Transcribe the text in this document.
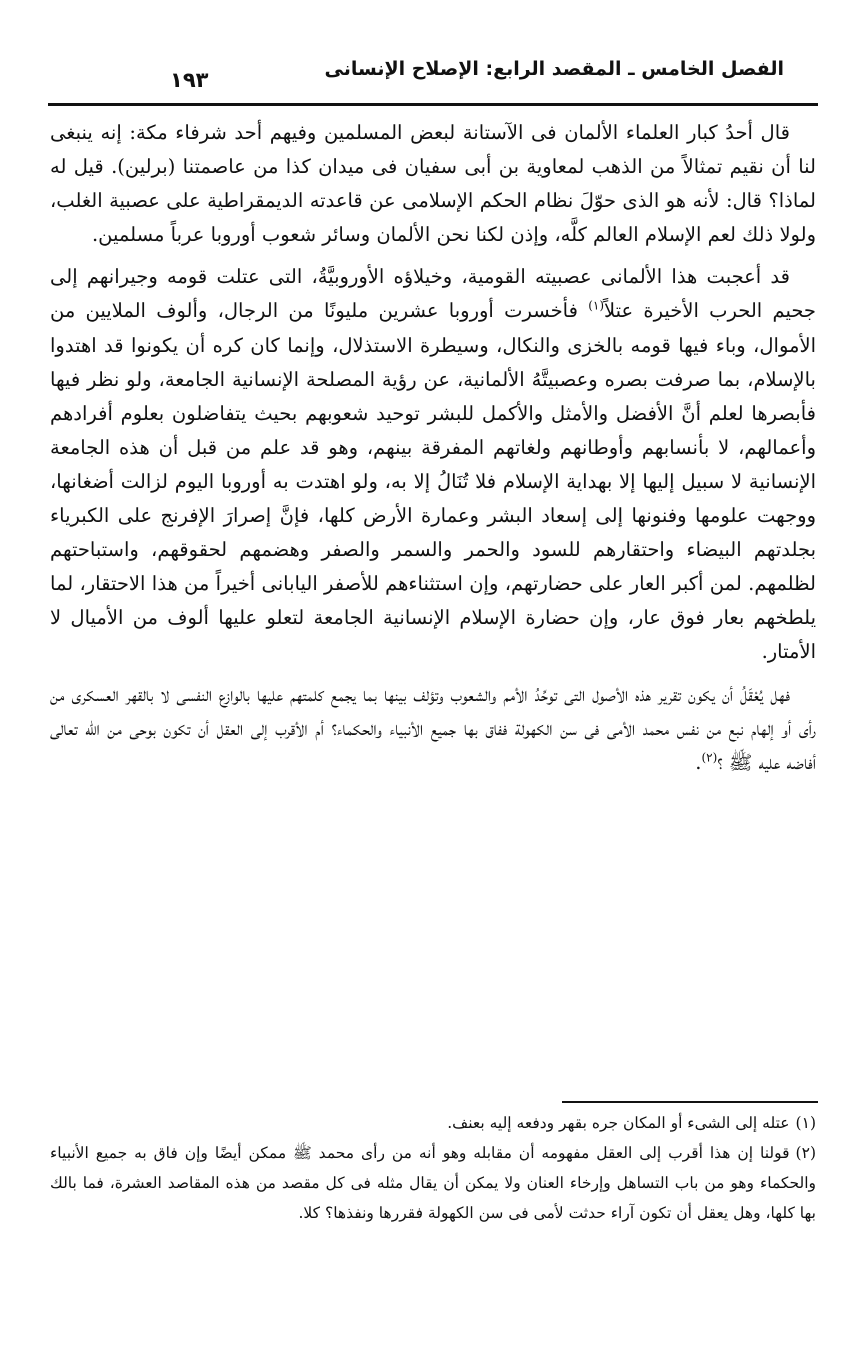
الفصل الخامس ـ المقصد الرابع: الإصلاح الإنسانى
١٩٣

قال أحدُ كبار العلماء الألمان فى الآستانة لبعض المسلمين وفيهم أحد شرفاء مكة: إنه ينبغى لنا أن نقيم تمثالاً من الذهب لمعاوية بن أبى سفيان فى ميدان كذا من عاصمتنا (برلين). قيل له لماذا؟ قال: لأنه هو الذى حوّلَ نظام الحكم الإسلامى عن قاعدته الديمقراطية على عصبية الغلب، ولولا ذلك لعم الإسلام العالم كلَّه، وإذن لكنا نحن الألمان وسائر شعوب أوروبا عرباً مسلمين.

قد أعجبت هذا الألمانى عصبيته القومية، وخيلاؤه الأوروبيَّةُ، التى عتلت قومه وجيرانهم إلى جحيم الحرب الأخيرة عتلاً$^{(١)}$ فأخسرت أوروبا عشرين مليونًا من الرجال، وألوف الملايين من الأموال، وباء فيها قومه بالخزى والنكال، وسيطرة الاستذلال، وإنما كان كره أن يكونوا قد اهتدوا بالإسلام، بما صرفت بصره وعصبيتَّهُ الألمانية، عن رؤية المصلحة الإنسانية الجامعة، ولو نظر فيها فأبصرها لعلم أنَّ الأفضل والأمثل والأكمل للبشر توحيد شعوبهم بحيث يتفاضلون بعلوم أفرادهم وأعمالهم، لا بأنسابهم وأوطانهم ولغاتهم المفرقة بينهم، وهو قد علم من قبل أن هذه الجامعة الإنسانية لا سبيل إليها إلا بهداية الإسلام فلا تُنَالُ إلا به، ولو اهتدت به أوروبا اليوم لزالت أضغانها، ووجهت علومها وفنونها إلى إسعاد البشر وعمارة الأرض كلها، فإنَّ إصرارَ الإفرنج على الكبرياء بجلدتهم البيضاء واحتقارهم للسود والحمر والسمر والصفر وهضمهم لحقوقهم، واستباحتهم لظلمهم. لمن أكبر العار على حضارتهم، وإن استثناءهم للأصفر اليابانى أخيراً من هذا الاحتقار، لما يلطخهم بعار فوق عار، وإن حضارة الإسلام الإنسانية الجامعة لتعلو عليها ألوف من الأميال لا الأمتار.

فهل يُعْقَلُ أن يكون تقرير هذه الأصول التى توحِّدُ الأمم والشعوب وتؤلف بينها بما يجمع كلمتهم عليها بالوازع النفسى لا بالقهر العسكرى من رأى أو إلهام نبع من نفس محمد الأمى فى سن الكهولة ففاق بها جميع الأنبياء والحكماء؟ أم الأقرب إلى العقل أن تكون بوحى من الله تعالى أفاضه عليه ﷺ ؟$^{(٢)}$.

(١)عتله إلى الشىء أو المكان جره بقهر ودفعه إليه بعنف.

(٢)قولنا إن هذا أقرب إلى العقل مفهومه أن مقابله وهو أنه من رأى محمد ﷺ ممكن أيضًا وإن فاق به جميع الأنبياء والحكماء وهو من باب التساهل وإرخاء العنان ولا يمكن أن يقال مثله فى كل مقصد من هذه المقاصد العشرة، فما بالك بها كلها، وهل يعقل أن تكون آراء حدثت لأمى فى سن الكهولة فقررها ونفذها؟ كلا.
